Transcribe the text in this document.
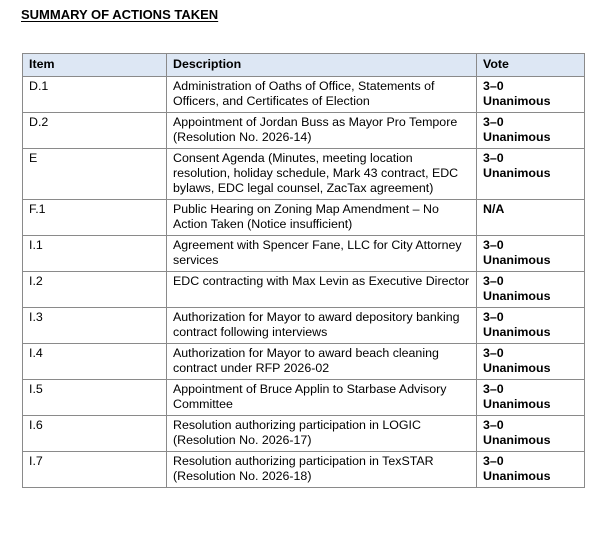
SUMMARY OF ACTIONS TAKEN
Item	Description	Vote
D.1	Administration of Oaths of Office, Statements of Officers, and Certificates of Election	3–0
Unanimous

D.2	Appointment of Jordan Buss as Mayor Pro Tempore (Resolution No. 2026-14)	3–0
Unanimous

E	Consent Agenda (Minutes, meeting location resolution, holiday schedule, Mark 43 contract, EDC bylaws, EDC legal counsel, ZacTax agreement)	3–0
Unanimous

F.1	Public Hearing on Zoning Map Amendment – No Action Taken (Notice insufficient)	N/A

I.1	Agreement with Spencer Fane, LLC for City Attorney services	3–0
Unanimous

I.2	EDC contracting with Max Levin as Executive Director	3–0
Unanimous

I.3	Authorization for Mayor to award depository banking contract following interviews	3–0
Unanimous

I.4	Authorization for Mayor to award beach cleaning contract under RFP 2026-02	3–0
Unanimous

I.5	Appointment of Bruce Applin to Starbase Advisory Committee	3–0
Unanimous

I.6	Resolution authorizing participation in LOGIC (Resolution No. 2026-17)	3–0
Unanimous

I.7	Resolution authorizing participation in TexSTAR (Resolution No. 2026-18)	3–0
Unanimous
